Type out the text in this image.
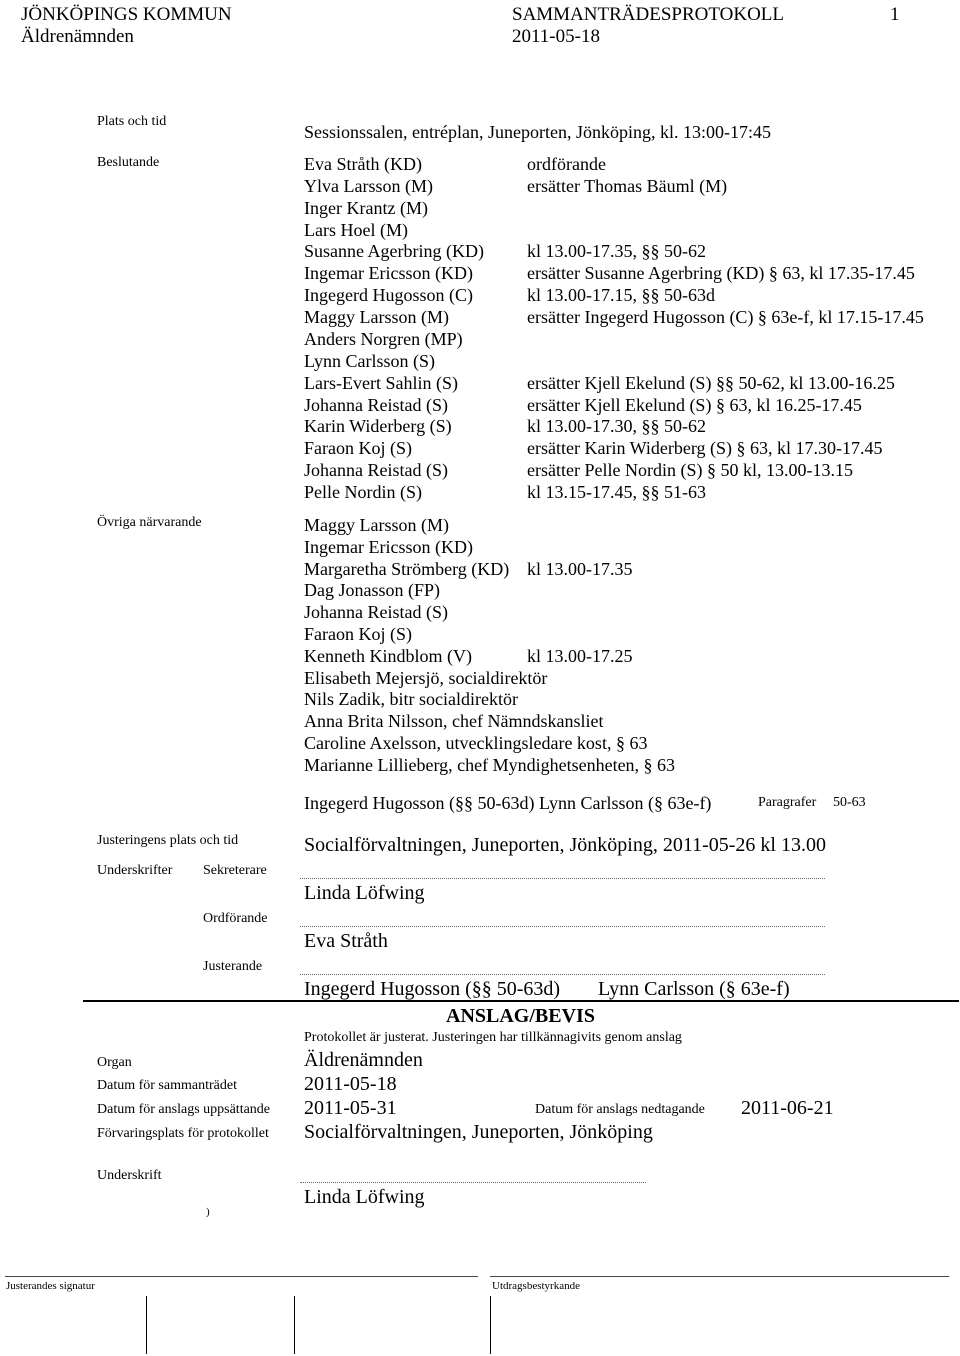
JÖNKÖPINGS KOMMUN
Äldrenämnden
SAMMANTRÄDESPROTOKOLL
2011-05-18
1
Plats och tid
Sessionssalen, entréplan, Juneporten, Jönköping, kl. 13:00-17:45
Beslutande	Eva Stråth (KD)	ordförande
Ylva Larsson (M)	ersätter Thomas Bäuml (M)
Inger Krantz (M)
Lars Hoel (M)
Susanne Agerbring (KD) kl 13.00-17.35, §§ 50-62
Ingemar Ericsson (KD)	ersätter Susanne Agerbring (KD) § 63, kl 17.35-17.45
Ingegerd Hugosson (C)	kl 13.00-17.15, §§ 50-63d
Maggy Larsson (M)	ersätter Ingegerd Hugosson (C) § 63e-f, kl 17.15-17.45
Anders Norgren (MP)
Lynn Carlsson (S)
Lars-Evert Sahlin (S)	ersätter Kjell Ekelund (S) §§ 50-62, kl 13.00-16.25
Johanna Reistad (S)	ersätter Kjell Ekelund (S) § 63, kl 16.25-17.45
Karin Widerberg (S)	kl 13.00-17.30, §§ 50-62
Faraon Koj (S)	ersätter Karin Widerberg (S) § 63, kl 17.30-17.45
Johanna Reistad (S)	ersätter Pelle Nordin (S) § 50 kl, 13.00-13.15
Pelle Nordin (S)	kl 13.15-17.45, §§ 51-63
Övriga närvarande	Maggy Larsson (M)
Ingemar Ericsson (KD)
Margaretha Strömberg (KD) kl 13.00-17.35
Dag Jonasson (FP)
Johanna Reistad (S)
Faraon Koj (S)
Kenneth Kindblom (V)	kl 13.00-17.25
Elisabeth Mejersjö, socialdirektör
Nils Zadik, bitr socialdirektör
Anna Brita Nilsson, chef Nämndskansliet
Caroline Axelsson, utvecklingsledare kost, § 63
Marianne Lillieberg, chef Myndighetsenheten, § 63
Ingegerd Hugosson (§§ 50-63d) Lynn Carlsson (§ 63e-f)	Paragrafer 50-63
Justeringens plats och tid	Socialförvaltningen, Juneporten, Jönköping, 2011-05-26 kl 13.00
Underskrifter Sekreterare
Linda Löfwing
Ordförande
Eva Stråth
Justerande
Ingegerd Hugosson (§§ 50-63d) Lynn Carlsson (§ 63e-f)
ANSLAG/BEVIS
Protokollet är justerat. Justeringen har tillkännagivits genom anslag
Organ	Äldrenämnden
Datum för sammanträdet	2011-05-18
Datum för anslags uppsättande 2011-05-31	Datum för anslags nedtagande 2011-06-21
Förvaringsplats för protokollet Socialförvaltningen, Juneporten, Jönköping
Underskrift
Linda Löfwing
)
Justerandes signatur	Utdragsbestyrkande
